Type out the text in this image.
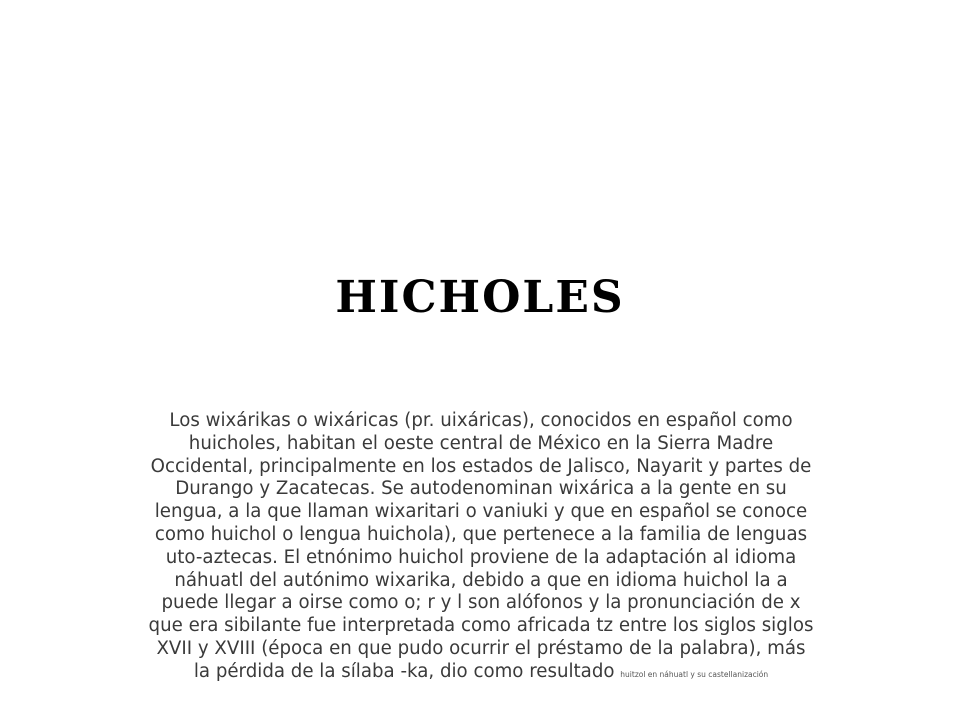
HICHOLES
Los wixárikas o wixáricas (pr. uixáricas), conocidos en español como huicholes, habitan el oeste central de México en la Sierra Madre Occidental, principalmente en los estados de Jalisco, Nayarit y partes de Durango y Zacatecas. Se autodenominan wixárica a la gente en su lengua, a la que llaman wixaritari o vaniuki y que en español se conoce como huichol o lengua huichola), que pertenece a la familia de lenguas uto-aztecas. El etnónimo huichol proviene de la adaptación al idioma náhuatl del autónimo wixarika, debido a que en idioma huichol la a puede llegar a oirse como o; r y l son alófonos y la pronunciación de x que era sibilante fue interpretada como africada tz entre los siglos siglos XVII y XVIII (época en que pudo ocurrir el préstamo de la palabra), más la pérdida de la sílaba -ka, dio como resultado huitzol en náhuatl y su castellanización
